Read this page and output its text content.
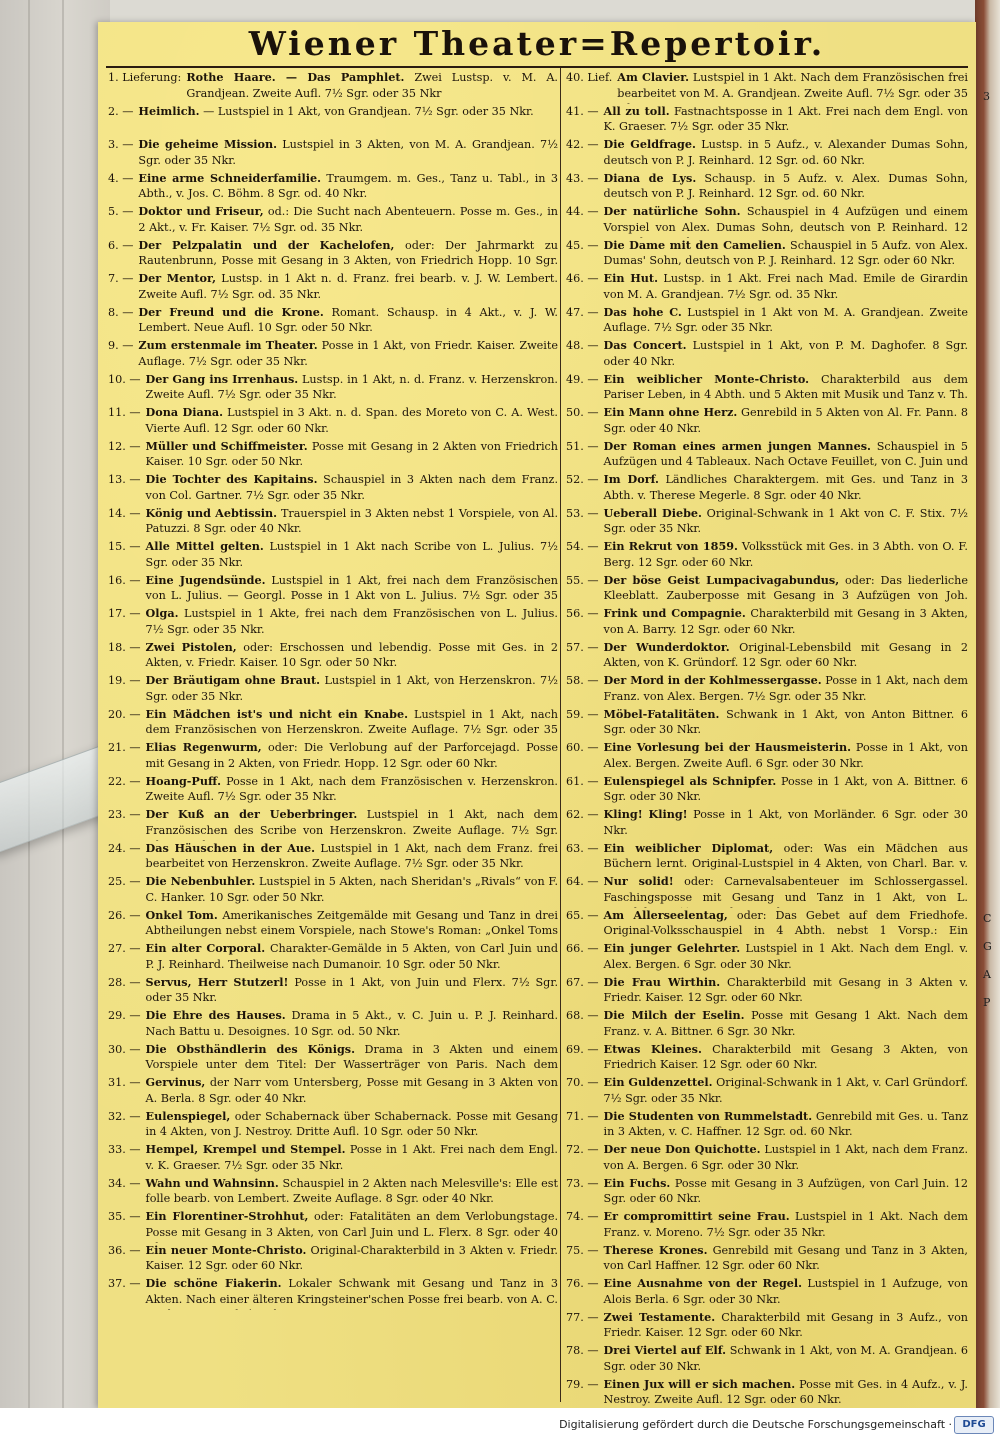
3
C
G
A
P
Wiener Theater=Repertoir.
1. Lieferung: Rothe Haare. — Das Pamphlet. Zwei Lustsp. v. M. A. Grandjean. Zweite Aufl. 7½ Sgr. oder 35 Nkr
2. — Heimlich. — Lustspiel in 1 Akt, von Grandjean. 7½ Sgr. oder 35 Nkr.
3. — Die geheime Mission. Lustspiel in 3 Akten, von M. A. Grandjean. 7½ Sgr. oder 35 Nkr.
4. — Eine arme Schneiderfamilie. Traumgem. m. Ges., Tanz u. Tabl., in 3 Abth., v. Jos. C. Böhm. 8 Sgr. od. 40 Nkr.
5. — Doktor und Friseur, od.: Die Sucht nach Abenteuern. Posse m. Ges., in 2 Akt., v. Fr. Kaiser. 7½ Sgr. od. 35 Nkr.
6. — Der Pelzpalatin und der Kachelofen, oder: Der Jahrmarkt zu Rautenbrunn, Posse mit Gesang in 3 Akten, von Friedrich Hopp. 10 Sgr.
7. — Der Mentor, Lustsp. in 1 Akt n. d. Franz. frei bearb. v. J. W. Lembert. Zweite Aufl. 7½ Sgr. od. 35 Nkr.
8. — Der Freund und die Krone. Romant. Schausp. in 4 Akt., v. J. W. Lembert. Neue Aufl. 10 Sgr. oder 50 Nkr.
9. — Zum erstenmale im Theater. Posse in 1 Akt, von Friedr. Kaiser. Zweite Auflage. 7½ Sgr. oder 35 Nkr.
10. — Der Gang ins Irrenhaus. Lustsp. in 1 Akt, n. d. Franz. v. Herzenskron. Zweite Aufl. 7½ Sgr. oder 35 Nkr.
11. — Dona Diana. Lustspiel in 3 Akt. n. d. Span. des Moreto von C. A. West. Vierte Aufl. 12 Sgr. oder 60 Nkr.
12. — Müller und Schiffmeister. Posse mit Gesang in 2 Akten von Friedrich Kaiser. 10 Sgr. oder 50 Nkr.
13. — Die Tochter des Kapitains. Schauspiel in 3 Akten nach dem Franz. von Col. Gartner. 7½ Sgr. oder 35 Nkr.
14. — König und Aebtissin. Trauerspiel in 3 Akten nebst 1 Vorspiele, von Al. Patuzzi. 8 Sgr. oder 40 Nkr.
15. — Alle Mittel gelten. Lustspiel in 1 Akt nach Scribe von L. Julius. 7½ Sgr. oder 35 Nkr.
16. — Eine Jugendsünde. Lustspiel in 1 Akt, frei nach dem Französischen von L. Julius. — Georgl. Posse in 1 Akt von L. Julius. 7½ Sgr. oder 35
17. — Olga. Lustspiel in 1 Akte, frei nach dem Französischen von L. Julius. 7½ Sgr. oder 35 Nkr.
18. — Zwei Pistolen, oder: Erschossen und lebendig. Posse mit Ges. in 2 Akten, v. Friedr. Kaiser. 10 Sgr. oder 50 Nkr.
19. — Der Bräutigam ohne Braut. Lustspiel in 1 Akt, von Herzenskron. 7½ Sgr. oder 35 Nkr.
20. — Ein Mädchen ist's und nicht ein Knabe. Lustspiel in 1 Akt, nach dem Französischen von Herzenskron. Zweite Auflage. 7½ Sgr. oder 35
21. — Elias Regenwurm, oder: Die Verlobung auf der Parforcejagd. Posse mit Gesang in 2 Akten, von Friedr. Hopp. 12 Sgr. oder 60 Nkr.
22. — Hoang-Puff. Posse in 1 Akt, nach dem Französischen v. Herzenskron. Zweite Aufl. 7½ Sgr. oder 35 Nkr.
23. — Der Kuß an der Ueberbringer. Lustspiel in 1 Akt, nach dem Französischen des Scribe von Herzenskron. Zweite Auflage. 7½ Sgr.
24. — Das Häuschen in der Aue. Lustspiel in 1 Akt, nach dem Franz. frei bearbeitet von Herzenskron. Zweite Auflage. 7½ Sgr. oder 35 Nkr.
25. — Die Nebenbuhler. Lustspiel in 5 Akten, nach Sheridan's „Rivals“ von F. C. Hanker. 10 Sgr. oder 50 Nkr.
26. — Onkel Tom. Amerikanisches Zeitgemälde mit Gesang und Tanz in drei Abtheilungen nebst einem Vorspiele, nach Stowe's Roman: „Onkel Toms
27. — Ein alter Corporal. Charakter-Gemälde in 5 Akten, von Carl Juin und P. J. Reinhard. Theilweise nach Dumanoir. 10 Sgr. oder 50 Nkr.
28. — Servus, Herr Stutzerl! Posse in 1 Akt, von Juin und Flerx. 7½ Sgr. oder 35 Nkr.
29. — Die Ehre des Hauses. Drama in 5 Akt., v. C. Juin u. P. J. Reinhard. Nach Battu u. Desoignes. 10 Sgr. od. 50 Nkr.
30. — Die Obsthändlerin des Königs. Drama in 3 Akten und einem Vorspiele unter dem Titel: Der Wasserträger von Paris. Nach dem
31. — Gervinus, der Narr vom Untersberg, Posse mit Gesang in 3 Akten von A. Berla. 8 Sgr. oder 40 Nkr.
32. — Eulenspiegel, oder Schabernack über Schabernack. Posse mit Gesang in 4 Akten, von J. Nestroy. Dritte Aufl. 10 Sgr. oder 50 Nkr.
33. — Hempel, Krempel und Stempel. Posse in 1 Akt. Frei nach dem Engl. v. K. Graeser. 7½ Sgr. oder 35 Nkr.
34. — Wahn und Wahnsinn. Schauspiel in 2 Akten nach Melesville's: Elle est folle bearb. von Lembert. Zweite Auflage. 8 Sgr. oder 40 Nkr.
35. — Ein Florentiner-Strohhut, oder: Fatalitäten an dem Verlobungstage. Posse mit Gesang in 3 Akten, von Carl Juin und L. Flerx. 8 Sgr. oder 40
36. — Ein neuer Monte-Christo. Original-Charakterbild in 3 Akten v. Friedr. Kaiser. 12 Sgr. oder 60 Nkr.
37. — Die schöne Fiakerin. Lokaler Schwank mit Gesang und Tanz in 3 Akten. Nach einer älteren Kringsteiner'schen Posse frei bearb. von A. C.
40. Lief. Am Clavier. Lustspiel in 1 Akt. Nach dem Französischen frei bearbeitet von M. A. Grandjean. Zweite Aufl. 7½ Sgr. oder 35
41. — All zu toll. Fastnachtsposse in 1 Akt. Frei nach dem Engl. von K. Graeser. 7½ Sgr. oder 35 Nkr.
42. — Die Geldfrage. Lustsp. in 5 Aufz., v. Alexander Dumas Sohn, deutsch von P. J. Reinhard. 12 Sgr. od. 60 Nkr.
43. — Diana de Lys. Schausp. in 5 Aufz. v. Alex. Dumas Sohn, deutsch von P. J. Reinhard. 12 Sgr. od. 60 Nkr.
44. — Der natürliche Sohn. Schauspiel in 4 Aufzügen und einem Vorspiel von Alex. Dumas Sohn, deutsch von P. Reinhard. 12
45. — Die Dame mit den Camelien. Schauspiel in 5 Aufz. von Alex. Dumas' Sohn, deutsch von P. J. Reinhard. 12 Sgr. oder 60 Nkr.
46. — Ein Hut. Lustsp. in 1 Akt. Frei nach Mad. Emile de Girardin von M. A. Grandjean. 7½ Sgr. od. 35 Nkr.
47. — Das hohe C. Lustspiel in 1 Akt von M. A. Grandjean. Zweite Auflage. 7½ Sgr. oder 35 Nkr.
48. — Das Concert. Lustspiel in 1 Akt, von P. M. Daghofer. 8 Sgr. oder 40 Nkr.
49. — Ein weiblicher Monte-Christo. Charakterbild aus dem Pariser Leben, in 4 Abth. und 5 Akten mit Musik und Tanz v. Th.
50. — Ein Mann ohne Herz. Genrebild in 5 Akten von Al. Fr. Pann. 8 Sgr. oder 40 Nkr.
51. — Der Roman eines armen jungen Mannes. Schauspiel in 5 Aufzügen und 4 Tableaux. Nach Octave Feuillet, von C. Juin und
52. — Im Dorf. Ländliches Charaktergem. mit Ges. und Tanz in 3 Abth. v. Therese Megerle. 8 Sgr. oder 40 Nkr.
53. — Ueberall Diebe. Original-Schwank in 1 Akt von C. F. Stix. 7½ Sgr. oder 35 Nkr.
54. — Ein Rekrut von 1859. Volksstück mit Ges. in 3 Abth. von O. F. Berg. 12 Sgr. oder 60 Nkr.
55. — Der böse Geist Lumpacivagabundus, oder: Das liederliche Kleeblatt. Zauberposse mit Gesang in 3 Aufzügen von Joh.
56. — Frink und Compagnie. Charakterbild mit Gesang in 3 Akten, von A. Barry. 12 Sgr. oder 60 Nkr.
57. — Der Wunderdoktor. Original-Lebensbild mit Gesang in 2 Akten, von K. Gründorf. 12 Sgr. oder 60 Nkr.
58. — Der Mord in der Kohlmessergasse. Posse in 1 Akt, nach dem Franz. von Alex. Bergen. 7½ Sgr. oder 35 Nkr.
59. — Möbel-Fatalitäten. Schwank in 1 Akt, von Anton Bittner. 6 Sgr. oder 30 Nkr.
60. — Eine Vorlesung bei der Hausmeisterin. Posse in 1 Akt, von Alex. Bergen. Zweite Aufl. 6 Sgr. oder 30 Nkr.
61. — Eulenspiegel als Schnipfer. Posse in 1 Akt, von A. Bittner. 6 Sgr. oder 30 Nkr.
62. — Kling! Kling! Posse in 1 Akt, von Morländer. 6 Sgr. oder 30 Nkr.
63. — Ein weiblicher Diplomat, oder: Was ein Mädchen aus Büchern lernt. Original-Lustspiel in 4 Akten, von Charl. Bar. v.
64. — Nur solid! oder: Carnevalsabenteuer im Schlossergassel. Faschingsposse mit Gesang und Tanz in 1 Akt, von L.
65. — Am Allerseelentag, oder: Das Gebet auf dem Friedhofe. Original-Volksschauspiel in 4 Abth. nebst 1 Vorsp.: Ein
66. — Ein junger Gelehrter. Lustspiel in 1 Akt. Nach dem Engl. v. Alex. Bergen. 6 Sgr. oder 30 Nkr.
67. — Die Frau Wirthin. Charakterbild mit Gesang in 3 Akten v. Friedr. Kaiser. 12 Sgr. oder 60 Nkr.
68. — Die Milch der Eselin. Posse mit Gesang 1 Akt. Nach dem Franz. v. A. Bittner. 6 Sgr. 30 Nkr.
69. — Etwas Kleines. Charakterbild mit Gesang 3 Akten, von Friedrich Kaiser. 12 Sgr. oder 60 Nkr.
70. — Ein Guldenzettel. Original-Schwank in 1 Akt, v. Carl Gründorf. 7½ Sgr. oder 35 Nkr.
71. — Die Studenten von Rummelstadt. Genrebild mit Ges. u. Tanz in 3 Akten, v. C. Haffner. 12 Sgr. od. 60 Nkr.
72. — Der neue Don Quichotte. Lustspiel in 1 Akt, nach dem Franz. von A. Bergen. 6 Sgr. oder 30 Nkr.
73. — Ein Fuchs. Posse mit Gesang in 3 Aufzügen, von Carl Juin. 12 Sgr. oder 60 Nkr.
74. — Er compromittirt seine Frau. Lustspiel in 1 Akt. Nach dem Franz. v. Moreno. 7½ Sgr. oder 35 Nkr.
75. — Therese Krones. Genrebild mit Gesang und Tanz in 3 Akten, von Carl Haffner. 12 Sgr. oder 60 Nkr.
76. — Eine Ausnahme von der Regel. Lustspiel in 1 Aufzuge, von Alois Berla. 6 Sgr. oder 30 Nkr.
77. — Zwei Testamente. Charakterbild mit Gesang in 3 Aufz., von Friedr. Kaiser. 12 Sgr. oder 60 Nkr.
78. — Drei Viertel auf Elf. Schwank in 1 Akt, von M. A. Grandjean. 6 Sgr. oder 30 Nkr.
79. — Einen Jux will er sich machen. Posse mit Ges. in 4 Aufz., v. J. Nestroy. Zweite Aufl. 12 Sgr. oder 60 Nkr.
Digitalisierung gefördert durch die Deutsche Forschungsgemeinschaft ·	DFG
